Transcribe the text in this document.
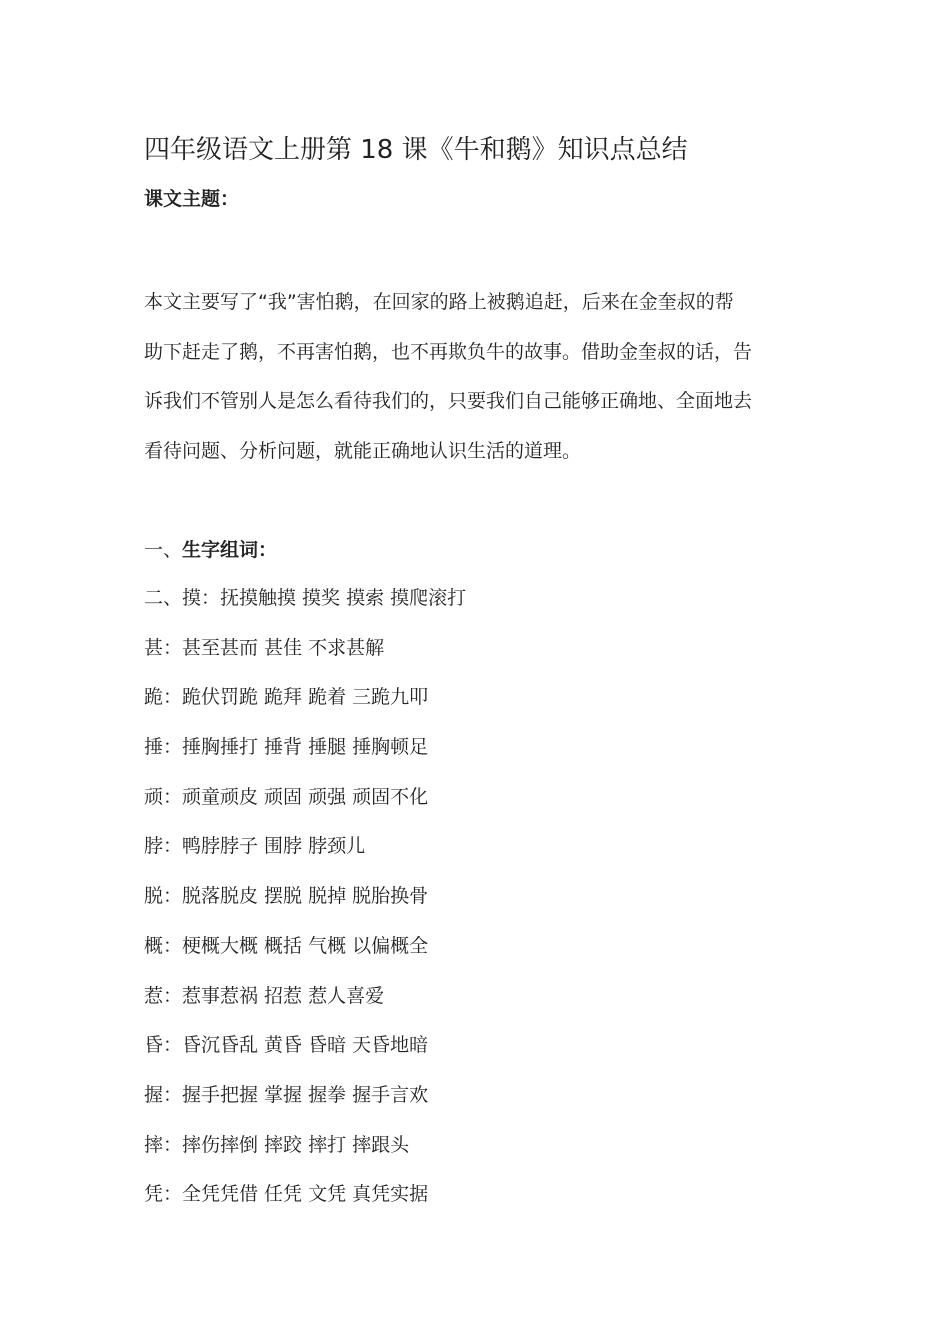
四年级语文上册第 18 课《牛和鹅》知识点总结
课文主题：

本文主要写了“我”害怕鹅，在回家的路上被鹅追赶，后来在金奎叔的帮
助下赶走了鹅，不再害怕鹅，也不再欺负牛的故事。借助金奎叔的话，告
诉我们不管别人是怎么看待我们的，只要我们自己能够正确地、全面地去
看待问题、分析问题，就能正确地认识生活的道理。

一、生字组词：
二、摸：抚摸触摸 摸奖 摸索 摸爬滚打
甚：甚至甚而 甚佳 不求甚解
跪：跪伏罚跪 跪拜 跪着 三跪九叩
捶：捶胸捶打 捶背 捶腿 捶胸顿足
顽：顽童顽皮 顽固 顽强 顽固不化
脖：鸭脖脖子 围脖 脖颈儿
脱：脱落脱皮 摆脱 脱掉 脱胎换骨
概：梗概大概 概括 气概 以偏概全
惹：惹事惹祸 招惹 惹人喜爱
昏：昏沉昏乱 黄昏 昏暗 天昏地暗
握：握手把握 掌握 握拳 握手言欢
摔：摔伤摔倒 摔跤 摔打 摔跟头
凭：全凭凭借 任凭 文凭 真凭实据
